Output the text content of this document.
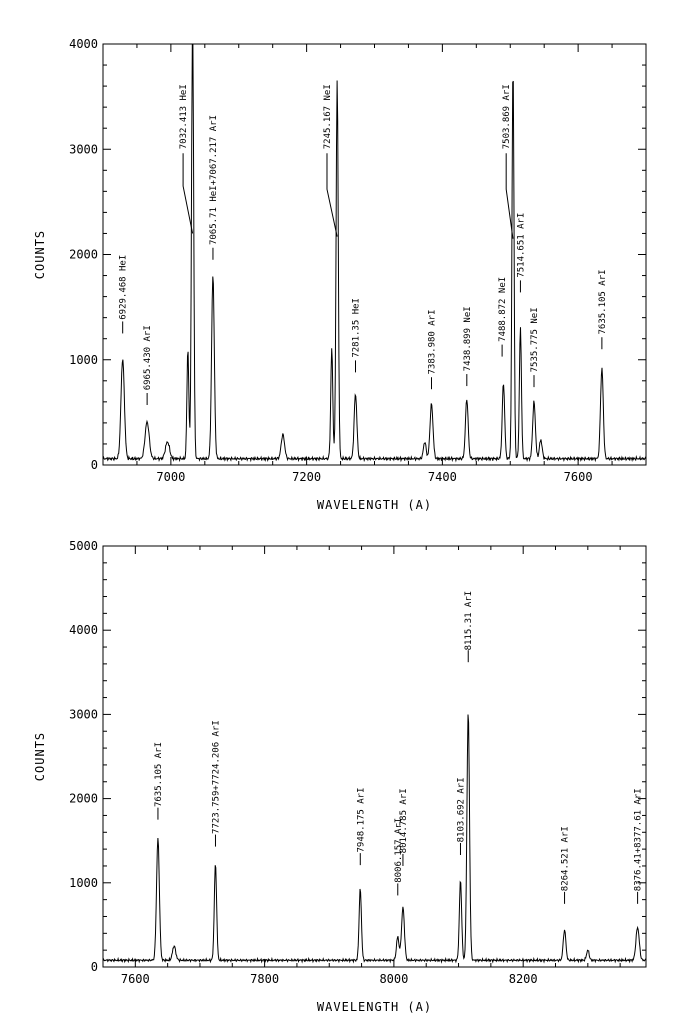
7000	7200	7400	7600
0
1000
2000
3000
4000
6929.468 HeI
6965.430 ArI
7032.413 HeI 7065.71 HeI+7067.217 ArI	7245.167 NeI
7281.35 HeI	7383.980 ArI	7438.899 NeI	7488.872 NeI
7503.869 ArI
7514.651 ArI
7535.775 NeI
7635.105 ArI
WAVELENGTH (A)
COUNTS
7600	7800	8000	8200
0
1000
2000
3000
4000
5000
7635.105 ArI	7723.759+7724.206 ArI	7948.175 ArI	8006.157 ArI
8014.785 ArI	8103.692 ArI
8115.31 ArI
8264.521 ArI	8376.41+8377.61 ArI
WAVELENGTH (A)
COUNTS
